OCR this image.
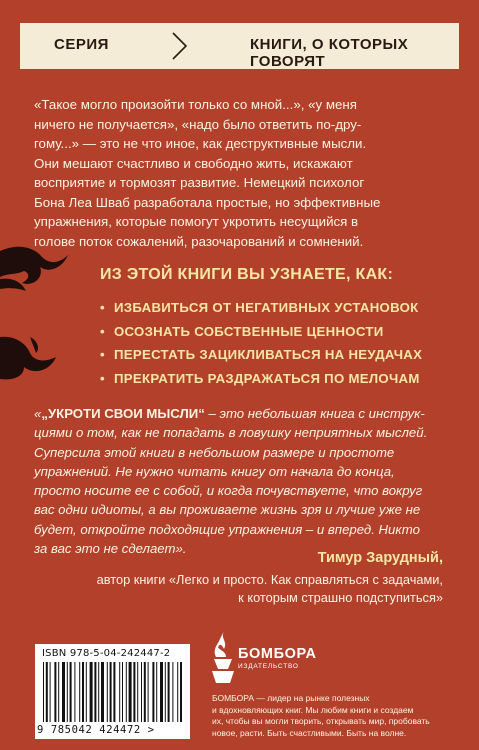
СЕРИЯ	КНИГИ, О КОТОРЫХ ГОВОРЯТ

«Такое могло произойти только со мной...», «у меня

ничего не получается», «надо было ответить по-дру-

гому...» — это не что иное, как деструктивные мысли.

Они мешают счастливо и свободно жить, искажают

восприятие и тормозят развитие. Немецкий психолог

Бона Леа Шваб разработала простые, но эффективные

упражнения, которые помогут укротить несущийся в

голове поток сожалений, разочарований и сомнений.

ИЗ ЭТОЙ КНИГИ ВЫ УЗНАЕТЕ, КАК:
• ИЗБАВИТЬСЯ ОТ НЕГАТИВНЫХ УСТАНОВОК
• ОСОЗНАТЬ СОБСТВЕННЫЕ ЦЕННОСТИ
• ПЕРЕСТАТЬ ЗАЦИКЛИВАТЬСЯ НА НЕУДАЧАХ
• ПРЕКРАТИТЬ РАЗДРАЖАТЬСЯ ПО МЕЛОЧАМ

«„УКРОТИ СВОИ МЫСЛИ“ – это небольшая книга с инструк-

циями о том, как не попадать в ловушку неприятных мыслей.

Суперсила этой книги в небольшом размере и простоте

упражнений. Не нужно читать книгу от начала до конца,

просто носите ее с собой, и когда почувствуете, что вокруг

вас одни идиоты, а вы проживаете жизнь зря и лучше уже не

будет, откройте подходящие упражнения – и вперед. Никто

за вас это не сделает».

Тимур Зарудный,
автор книги «Легко и просто. Как справляться с задачами,
к которым страшно подступиться»
ISBN 978-5-04-242447-2
9 785042 424472 >
БОМБОРА
ИЗДАТЕЛЬСТВО
БОМБОРА — лидер на рынке полезных
и вдохновляющих книг. Мы любим книги и создаем
их, чтобы вы могли творить, открывать мир, пробовать
новое, расти. Быть счастливыми. Быть на волне.
